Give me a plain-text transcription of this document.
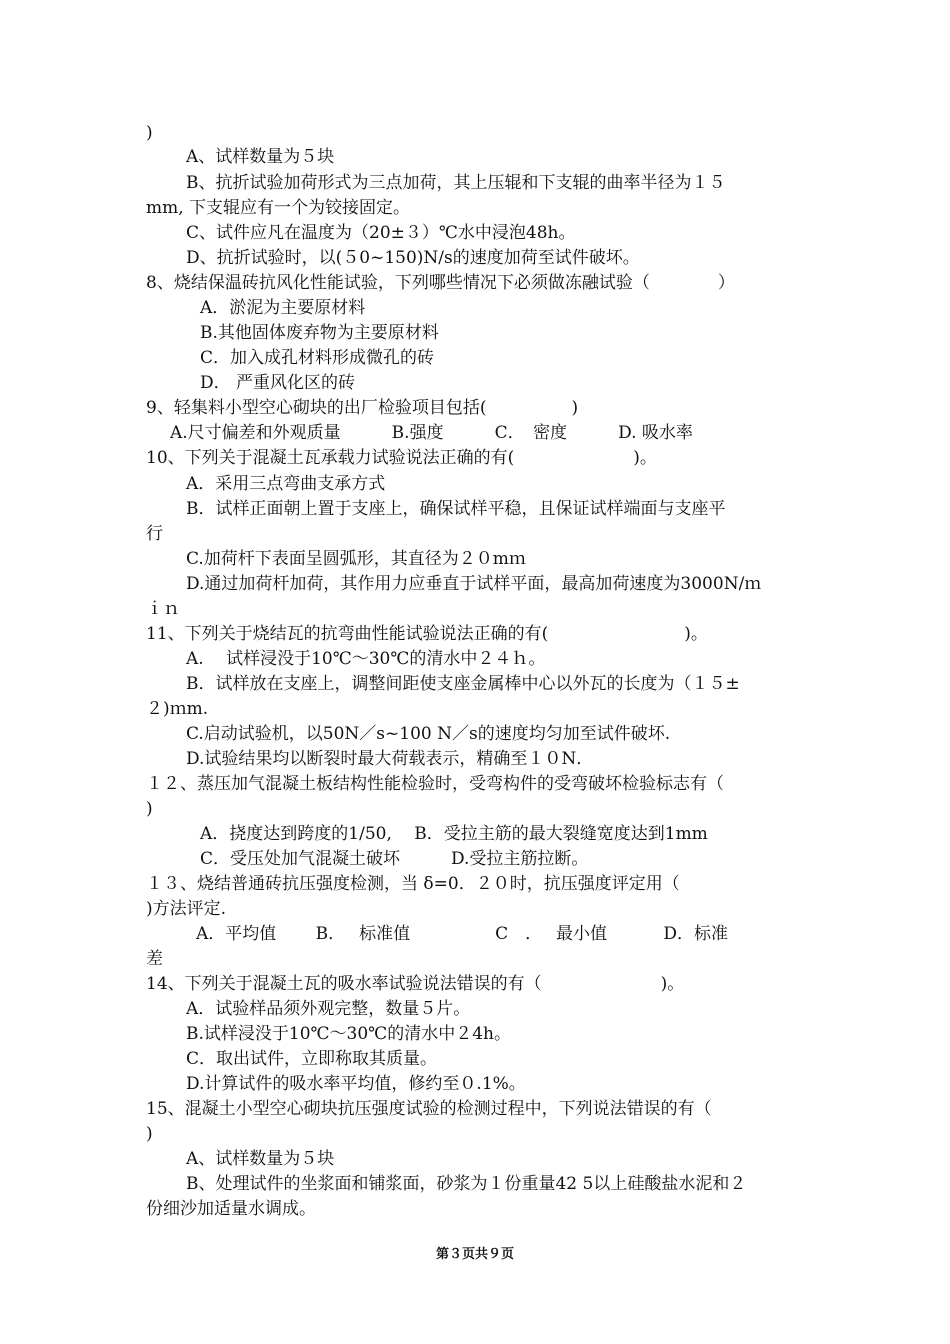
)

A、试样数量为５块

B、抗折试验加荷形式为三点加荷，其上压辊和下支辊的曲率半径为１５

mm, 下支辊应有一个为铰接固定。

C、试件应凡在温度为（20±３）℃水中浸泡48h。

D、抗折试验时，以(５0~150)N/s的速度加荷至试件破坏。

8、烧结保温砖抗风化性能试验，下列哪些情况下必须做冻融试验（　　　　）

A．淤泥为主要原材料

B.其他固体废弃物为主要原材料

C．加入成孔材料形成微孔的砖

D． 严重风化区的砖

9、轻集料小型空心砌块的出厂检验项目包括(　　　　　)

A.尺寸偏差和外观质量　　　B.强度　　　C．　密度　　　D. 吸水率

10、下列关于混凝土瓦承载力试验说法正确的有(　　　　　　　)。

A．采用三点弯曲支承方式

B．试样正面朝上置于支座上，确保试样平稳，且保证试样端面与支座平

行

C.加荷杆下表面呈圆弧形，其直径为２０mｍ

D.通过加荷杆加荷，其作用力应垂直于试样平面，最高加荷速度为3000N/ｍ

ｉｎ

11、下列关于烧结瓦的抗弯曲性能试验说法正确的有(　　　　　　　　)。

A.　 试样浸没于10℃～30℃的清水中２４ｈ。

B．试样放在支座上，调整间距使支座金属棒中心以外瓦的长度为（１５±

２)ｍm.

C.启动试验机，以50N／s~100 N／s的速度均匀加至试件破坏.

D.试验结果均以断裂时最大荷载表示，精确至１０N．

１２、蒸压加气混凝土板结构性能检验时，受弯构件的受弯破坏检验标志有（

)

A．挠度达到跨度的1/50,　 B．受拉主筋的最大裂缝宽度达到1mm

C．受压处加气混凝土破坏　　　D.受拉主筋拉断。

１３、烧结普通砖抗压强度检测，当 δ=0．２０时，抗压强度评定用（

)方法评定.

A．平均值　　 B．　 标准值　　　　　C　．　 最小值　　　 D．标准

差

14、下列关于混凝土瓦的吸水率试验说法错误的有（　　　　　　　)。

A．试验样品须外观完整，数量５片。

B.试样浸没于10℃～30℃的清水中２4h。

C．取出试件，立即称取其质量。

D.计算试件的吸水率平均值，修约至０.1%。

15、混凝土小型空心砌块抗压强度试验的检测过程中，下列说法错误的有（

)

A、试样数量为５块

B、处理试件的坐浆面和铺浆面，砂浆为１份重量42 5以上硅酸盐水泥和２

份细沙加适量水调成。

第３页共９页
